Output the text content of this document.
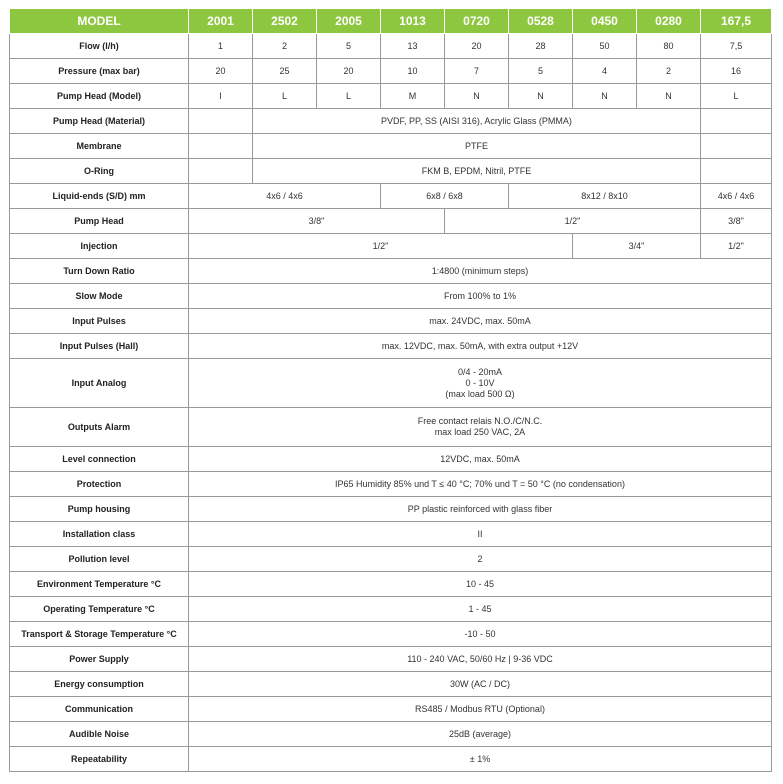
MODEL	2001	2502	2005	1013	0720	0528	0450	0280	167,5
Flow (l/h)	1	2	5	13	20	28	50	80	7,5
Pressure (max bar)	20	25	20	10	7	5	4	2	16
Pump Head (Model)	I	L	L	M	N	N	N	N	L
Pump Head (Material)		PVDF, PP, SS (AISI 316), Acrylic Glass (PMMA)							
Membrane		PTFE							
O-Ring		FKM B, EPDM, Nitril, PTFE							
Liquid-ends (S/D) mm	4x6 / 4x6			6x8 / 6x8		8x12 / 8x10			4x6 / 4x6
Pump Head	3/8"				1/2"				3/8"
Injection	1/2"						3/4"		1/2"
Turn Down Ratio	1:4800 (minimum steps)								
Slow Mode	From 100% to 1%								
Input Pulses	max. 24VDC, max. 50mA								
Input Pulses (Hall)	max. 12VDC, max. 50mA, with extra output +12V								
Input Analog	0/4 - 20mA
0 - 10V
(max load 500 Ω)								

Outputs Alarm	Free contact relais N.O./C/N.C.
max load 250 VAC, 2A								

Level connection	12VDC, max. 50mA								
Protection	IP65 Humidity 85% und T ≤ 40 °C; 70% und T = 50 °C (no condensation)								
Pump housing	PP plastic reinforced with glass fiber								
Installation class	II								
Pollution level	2								
Environment Temperature °C	10 - 45								
Operating Temperature °C	1 - 45								
Transport & Storage Temperature °C	-10 - 50								
Power Supply	110 - 240 VAC, 50/60 Hz | 9-36 VDC								
Energy consumption	30W (AC / DC)								
Communication	RS485 / Modbus RTU (Optional)								
Audible Noise	25dB (average)								
Repeatability	± 1%								
